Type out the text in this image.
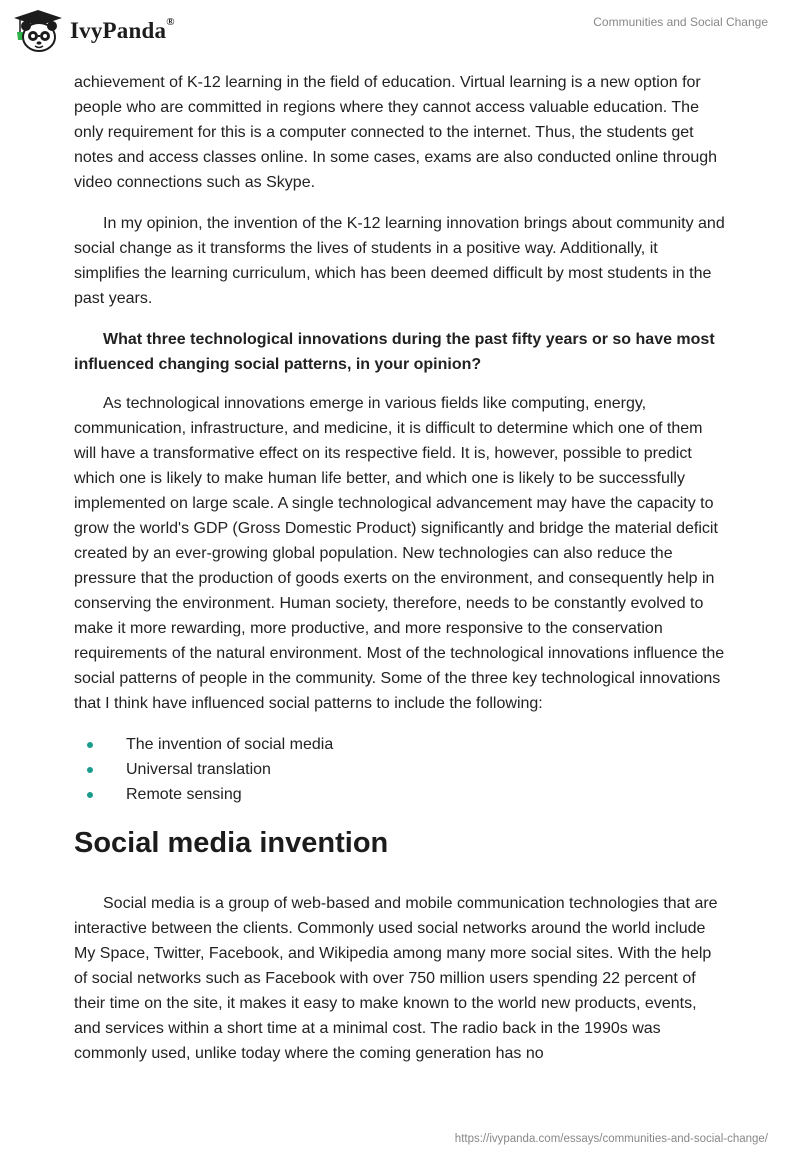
IvyPanda®	Communities and Social Change

achievement of K-12 learning in the field of education. Virtual learning is a new option for people who are committed in regions where they cannot access valuable education. The only requirement for this is a computer connected to the internet. Thus, the students get notes and access classes online. In some cases, exams are also conducted online through video connections such as Skype.

In my opinion, the invention of the K-12 learning innovation brings about community and social change as it transforms the lives of students in a positive way. Additionally, it simplifies the learning curriculum, which has been deemed difficult by most students in the past years.

What three technological innovations during the past fifty years or so have most influenced changing social patterns, in your opinion?

As technological innovations emerge in various fields like computing, energy, communication, infrastructure, and medicine, it is difficult to determine which one of them will have a transformative effect on its respective field. It is, however, possible to predict which one is likely to make human life better, and which one is likely to be successfully implemented on large scale. A single technological advancement may have the capacity to grow the world's GDP (Gross Domestic Product) significantly and bridge the material deficit created by an ever-growing global population. New technologies can also reduce the pressure that the production of goods exerts on the environment, and consequently help in conserving the environment. Human society, therefore, needs to be constantly evolved to make it more rewarding, more productive, and more responsive to the conservation requirements of the natural environment. Most of the technological innovations influence the social patterns of people in the community. Some of the three key technological innovations that I think have influenced social patterns to include the following:

The invention of social media
Universal translation
Remote sensing
Social media invention

Social media is a group of web-based and mobile communication technologies that are interactive between the clients. Commonly used social networks around the world include My Space, Twitter, Facebook, and Wikipedia among many more social sites. With the help of social networks such as Facebook with over 750 million users spending 22 percent of their time on the site, it makes it easy to make known to the world new products, events, and services within a short time at a minimal cost. The radio back in the 1990s was commonly used, unlike today where the coming generation has no

https://ivypanda.com/essays/communities-and-social-change/
